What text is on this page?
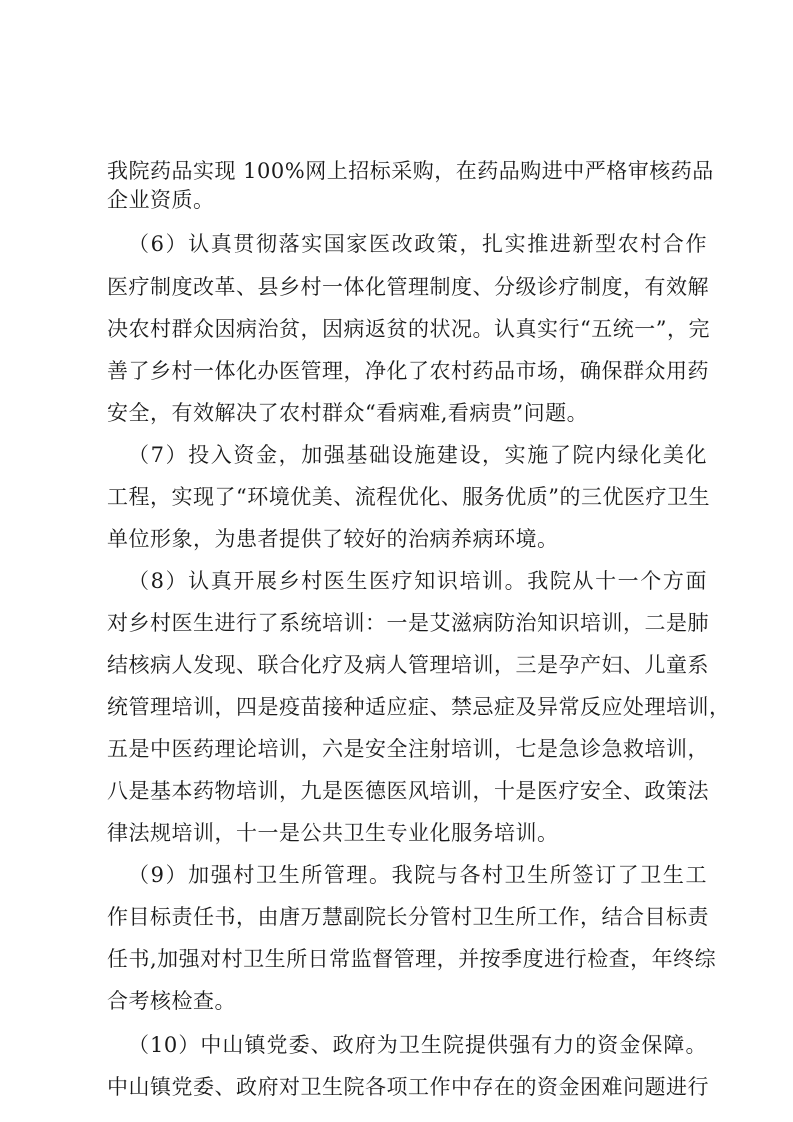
我院药品实现 100%网上招标采购，在药品购进中严格审核药品
企业资质。
（6）认真贯彻落实国家医改政策，扎实推进新型农村合作
医疗制度改革、县乡村一体化管理制度、分级诊疗制度，有效解
决农村群众因病治贫，因病返贫的状况。认真实行“五统一”，完
善了乡村一体化办医管理，净化了农村药品市场，确保群众用药
安全，有效解决了农村群众“看病难,看病贵”问题。
（7）投入资金，加强基础设施建设，实施了院内绿化美化
工程，实现了“环境优美、流程优化、服务优质”的三优医疗卫生
单位形象，为患者提供了较好的治病养病环境。
（8）认真开展乡村医生医疗知识培训。我院从十一个方面
对乡村医生进行了系统培训：一是艾滋病防治知识培训，二是肺
结核病人发现、联合化疗及病人管理培训，三是孕产妇、儿童系
统管理培训，四是疫苗接种适应症、禁忌症及异常反应处理培训，
五是中医药理论培训，六是安全注射培训，七是急诊急救培训，
八是基本药物培训，九是医德医风培训，十是医疗安全、政策法
律法规培训，十一是公共卫生专业化服务培训。
（9）加强村卫生所管理。我院与各村卫生所签订了卫生工
作目标责任书，由唐万慧副院长分管村卫生所工作，结合目标责
任书,加强对村卫生所日常监督管理，并按季度进行检查，年终综
合考核检查。
（10）中山镇党委、政府为卫生院提供强有力的资金保障。
中山镇党委、政府对卫生院各项工作中存在的资金困难问题进行
